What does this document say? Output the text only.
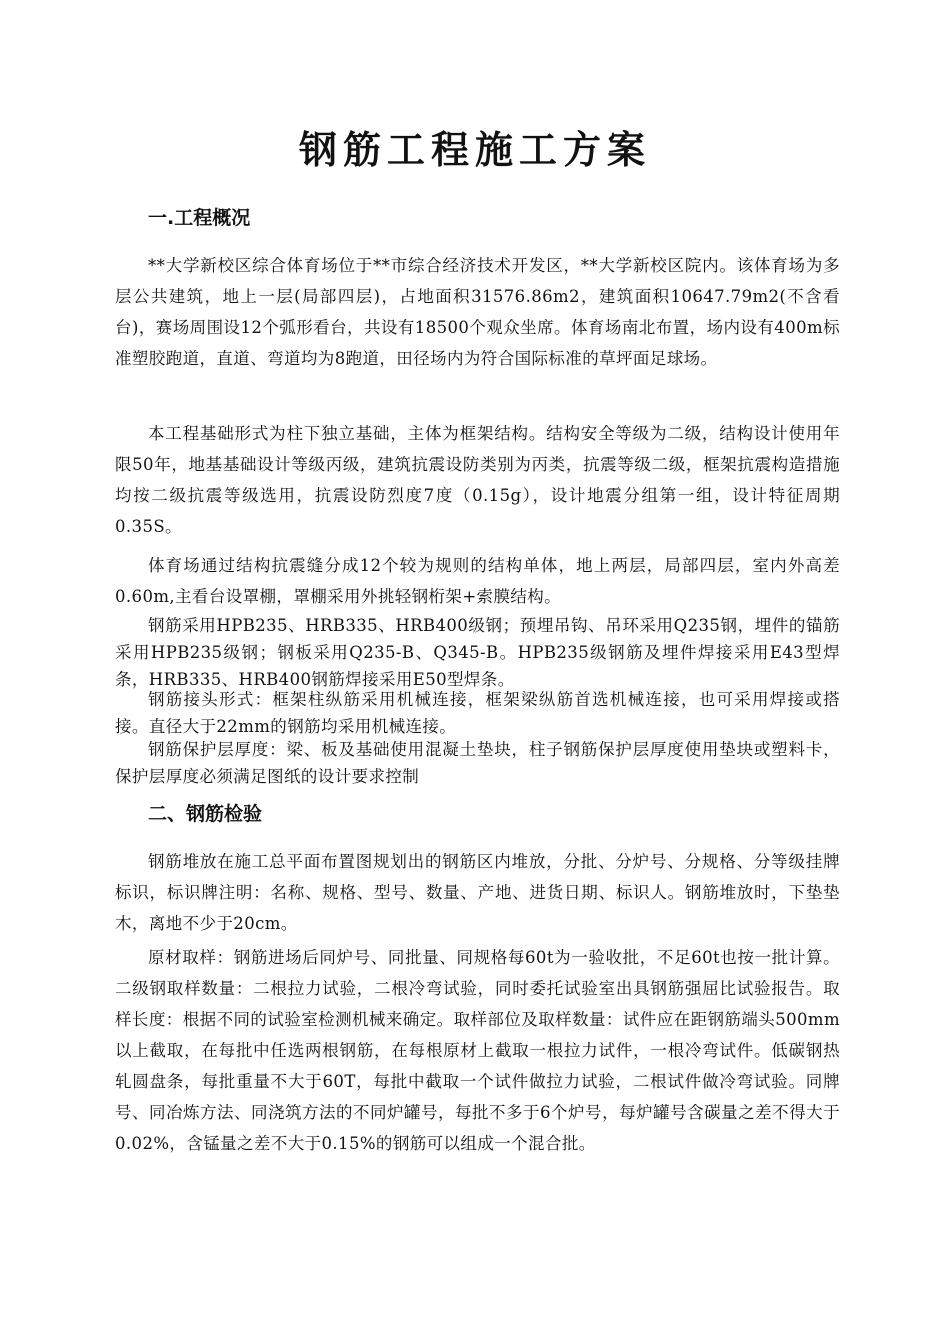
钢筋工程施工方案
一.工程概况

**大学新校区综合体育场位于**市综合经济技术开发区，**大学新校区院内。该体育场为多层公共建筑，地上一层(局部四层)，占地面积31576.86m2，建筑面积10647.79m2(不含看台)，赛场周围设12个弧形看台，共设有18500个观众坐席。体育场南北布置，场内设有400m标准塑胶跑道，直道、弯道均为8跑道，田径场内为符合国际标准的草坪面足球场。

本工程基础形式为柱下独立基础，主体为框架结构。结构安全等级为二级，结构设计使用年限50年，地基基础设计等级丙级，建筑抗震设防类别为丙类，抗震等级二级，框架抗震构造措施均按二级抗震等级选用，抗震设防烈度7度（0.15g），设计地震分组第一组，设计特征周期0.35S。

体育场通过结构抗震缝分成12个较为规则的结构单体，地上两层，局部四层，室内外高差0.60m,主看台设罩棚，罩棚采用外挑轻钢桁架+索膜结构。

钢筋采用HPB235、HRB335、HRB400级钢；预埋吊钩、吊环采用Q235钢，埋件的锚筋采用HPB235级钢；钢板采用Q235-B、Q345-B。HPB235级钢筋及埋件焊接采用E43型焊条，HRB335、HRB400钢筋焊接采用E50型焊条。

钢筋接头形式：框架柱纵筋采用机械连接，框架梁纵筋首选机械连接，也可采用焊接或搭接。直径大于22mm的钢筋均采用机械连接。

钢筋保护层厚度：梁、板及基础使用混凝土垫块，柱子钢筋保护层厚度使用垫块或塑料卡，保护层厚度必须满足图纸的设计要求控制

二、钢筋检验

钢筋堆放在施工总平面布置图规划出的钢筋区内堆放，分批、分炉号、分规格、分等级挂牌标识，标识牌注明：名称、规格、型号、数量、产地、进货日期、标识人。钢筋堆放时，下垫垫木，离地不少于20cm。

原材取样：钢筋进场后同炉号、同批量、同规格每60t为一验收批，不足60t也按一批计算。二级钢取样数量：二根拉力试验，二根冷弯试验，同时委托试验室出具钢筋强屈比试验报告。取样长度：根据不同的试验室检测机械来确定。取样部位及取样数量：试件应在距钢筋端头500mm以上截取，在每批中任选两根钢筋，在每根原材上截取一根拉力试件，一根冷弯试件。低碳钢热轧圆盘条，每批重量不大于60T，每批中截取一个试件做拉力试验，二根试件做冷弯试验。同牌号、同冶炼方法、同浇筑方法的不同炉罐号，每批不多于6个炉号，每炉罐号含碳量之差不得大于0.02%，含锰量之差不大于0.15%的钢筋可以组成一个混合批。
